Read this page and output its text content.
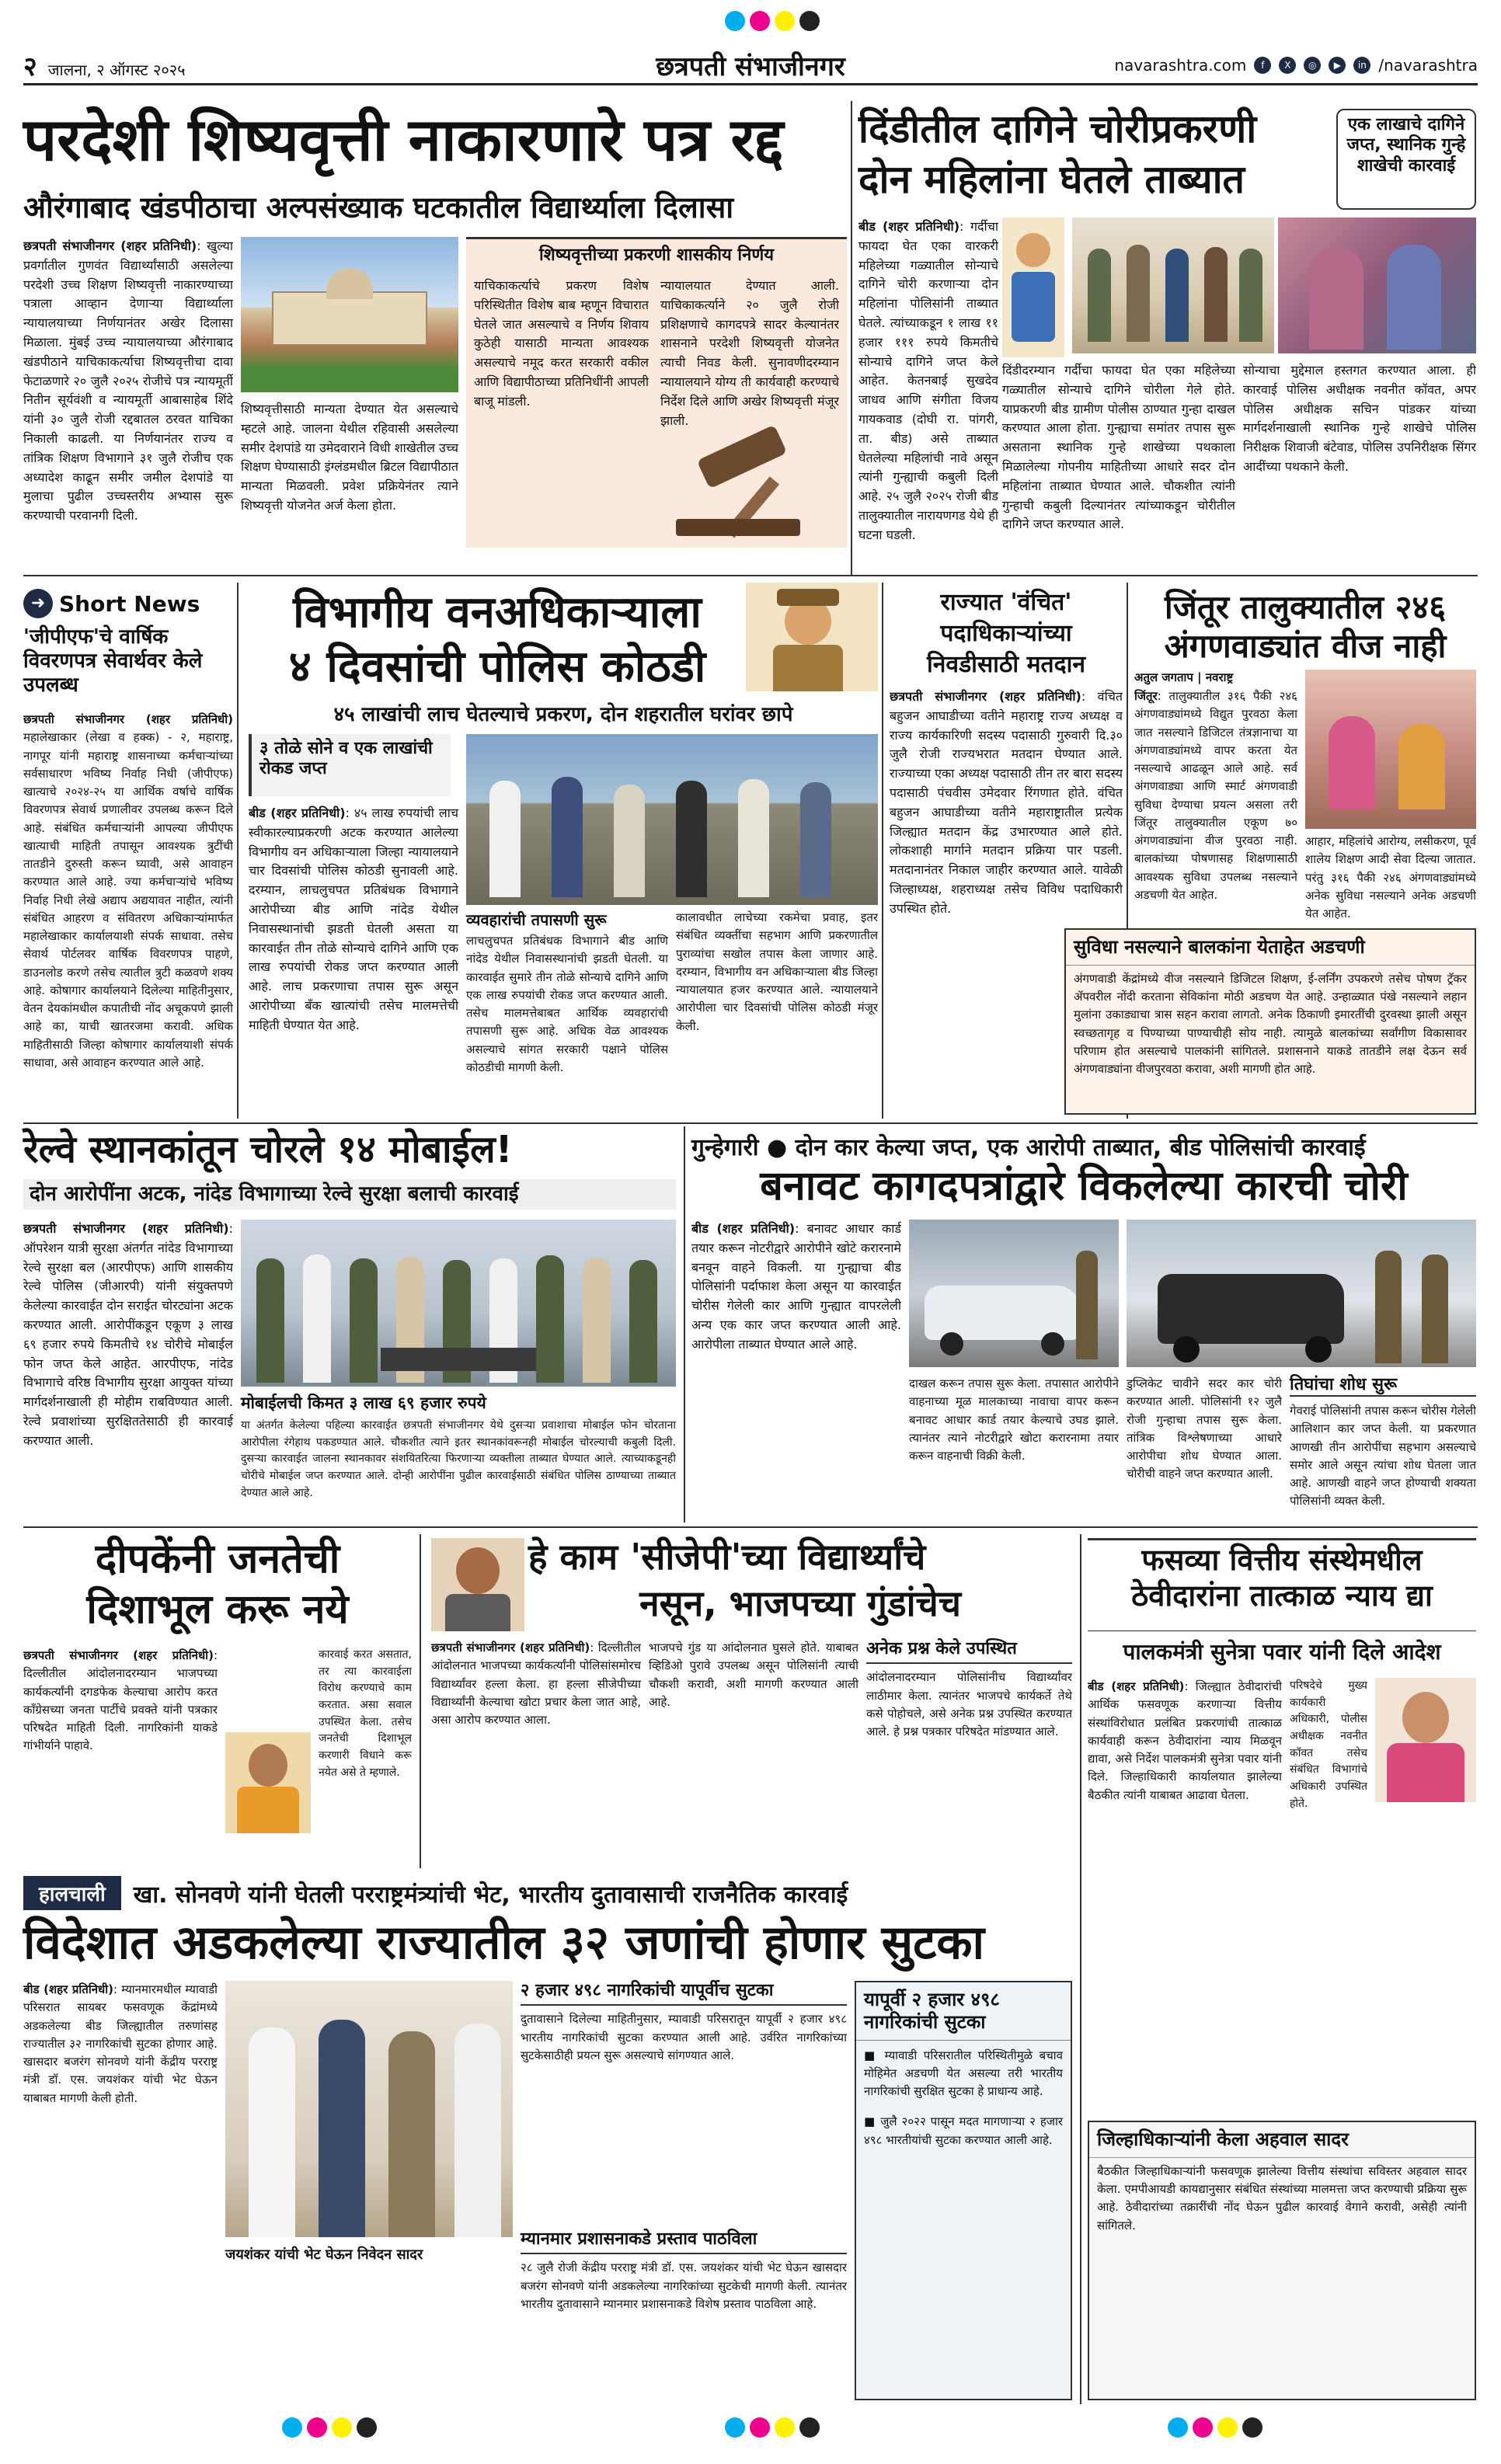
२ जालना, २ ऑगस्ट २०२५	छत्रपती संभाजीनगर	navarashtra.com	f	X	◎	▶	in /navarashtra
परदेशी शिष्यवृत्ती नाकारणारे पत्र रद्द
औरंगाबाद खंडपीठाचा अल्पसंख्याक घटकातील विद्यार्थ्याला दिलासा
छत्रपती संभाजीनगर (शहर प्रतिनिधी): खुल्या प्रवर्गातील गुणवंत विद्यार्थ्यांसाठी असलेल्या परदेशी उच्च शिक्षण शिष्यवृत्ती नाकारण्याच्या पत्राला आव्हान देणाऱ्या विद्यार्थ्याला न्यायालयाच्या निर्णयानंतर अखेर दिलासा मिळाला. मुंबई उच्च न्यायालयाच्या औरंगाबाद खंडपीठाने याचिकाकर्त्याचा शिष्यवृत्तीचा दावा फेटाळणारे २० जुलै २०२५ रोजीचे पत्र न्यायमूर्ती नितीन सूर्यवंशी व न्यायमूर्ती आबासाहेब शिंदे यांनी ३० जुलै रोजी रद्दबातल ठरवत याचिका निकाली काढली. या निर्णयानंतर राज्य व तांत्रिक शिक्षण विभागाने ३१ जुलै रोजीच एक अध्यादेश काढून समीर जमील देशपांडे या मुलाचा पुढील उच्चस्तरीय अभ्यास सुरू करण्याची परवानगी दिली.
शिष्यवृत्तीसाठी मान्यता देण्यात येत असल्याचे म्हटले आहे. जालना येथील रहिवासी असलेल्या समीर देशपांडे या उमेदवाराने विधी शाखेतील उच्च शिक्षण घेण्यासाठी इंग्लंडमधील ब्रिटल विद्यापीठात मान्यता मिळवली. प्रवेश प्रक्रियेनंतर त्याने शिष्यवृत्ती योजनेत अर्ज केला होता.
शिष्यवृत्तीच्या प्रकरणी शासकीय निर्णय
याचिकाकर्त्याचे प्रकरण विशेष परिस्थितीत विशेष बाब म्हणून विचारात घेतले जात असल्याचे व निर्णय शिवाय कुठेही यासाठी मान्यता आवश्यक असल्याचे नमूद करत सरकारी वकील आणि विद्यापीठाच्या प्रतिनिधींनी आपली बाजू मांडली.
न्यायालयात देण्यात आली. याचिकाकर्त्याने २० जुलै रोजी प्रशिक्षणाचे कागदपत्रे सादर केल्यानंतर शासनाने परदेशी शिष्यवृत्ती योजनेत त्याची निवड केली. सुनावणीदरम्यान न्यायालयाने योग्य ती कार्यवाही करण्याचे निर्देश दिले आणि अखेर शिष्यवृत्ती मंजूर झाली.
दिंडीतील दागिने चोरीप्रकरणी
दोन महिलांना घेतले ताब्यात
एक लाखाचे दागिने जप्त, स्थानिक गुन्हे शाखेची कारवाई
बीड (शहर प्रतिनिधी): गर्दीचा फायदा घेत एका वारकरी महिलेच्या गळ्यातील सोन्याचे दागिने चोरी करणाऱ्या दोन महिलांना पोलिसांनी ताब्यात घेतले. त्यांच्याकडून १ लाख ११ हजार १११ रुपये किमतीचे सोन्याचे दागिने जप्त केले आहेत. केतनबाई सुखदेव जाधव आणि संगीता विजय गायकवाड (दोघी रा. पांगरी, ता. बीड) असे ताब्यात घेतलेल्या महिलांची नावे असून त्यांनी गुन्ह्याची कबुली दिली आहे. २५ जुलै २०२५ रोजी बीड तालुक्यातील नारायणगड येथे ही घटना घडली.
दिंडीदरम्यान गर्दीचा फायदा घेत एका महिलेच्या गळ्यातील सोन्याचे दागिने चोरीला गेले होते. याप्रकरणी बीड ग्रामीण पोलीस ठाण्यात गुन्हा दाखल करण्यात आला होता. गुन्ह्याचा समांतर तपास सुरू असताना स्थानिक गुन्हे शाखेच्या पथकाला मिळालेल्या गोपनीय माहितीच्या आधारे सदर दोन महिलांना ताब्यात घेण्यात आले. चौकशीत त्यांनी गुन्हाची कबुली दिल्यानंतर त्यांच्याकडून चोरीतील दागिने जप्त करण्यात आले.
सोन्याचा मुद्देमाल हस्तगत करण्यात आला. ही कारवाई पोलिस अधीक्षक नवनीत कॉवत, अपर पोलिस अधीक्षक सचिन पांडकर यांच्या मार्गदर्शनाखाली स्थानिक गुन्हे शाखेचे पोलिस निरीक्षक शिवाजी बंटेवाड, पोलिस उपनिरीक्षक सिंगर आदींच्या पथकाने केली.
➜ Short News
'जीपीएफ'चे वार्षिक विवरणपत्र सेवार्थवर केले उपलब्ध
छत्रपती संभाजीनगर (शहर प्रतिनिधी) महालेखाकार (लेखा व हक्क) - २, महाराष्ट्र, नागपूर यांनी महाराष्ट्र शासनाच्या कर्मचाऱ्यांच्या सर्वसाधारण भविष्य निर्वाह निधी (जीपीएफ) खात्याचे २०२४-२५ या आर्थिक वर्षाचे वार्षिक विवरणपत्र सेवार्थ प्रणालीवर उपलब्ध करून दिले आहे. संबंधित कर्मचाऱ्यांनी आपल्या जीपीएफ खात्याची माहिती तपासून आवश्यक त्रुटींची तातडीने दुरुस्ती करून घ्यावी, असे आवाहन करण्यात आले आहे. ज्या कर्मचाऱ्यांचे भविष्य निर्वाह निधी लेखे अद्याप अद्ययावत नाहीत, त्यांनी संबंधित आहरण व संवितरण अधिकाऱ्यांमार्फत महालेखाकार कार्यालयाशी संपर्क साधावा. तसेच सेवार्थ पोर्टलवर वार्षिक विवरणपत्र पाहणे, डाउनलोड करणे तसेच त्यातील त्रुटी कळवणे शक्य आहे. कोषागार कार्यालयाने दिलेल्या माहितीनुसार, वेतन देयकांमधील कपातीची नोंद अचूकपणे झाली आहे का, याची खातरजमा करावी. अधिक माहितीसाठी जिल्हा कोषागार कार्यालयाशी संपर्क साधावा, असे आवाहन करण्यात आले आहे.
विभागीय वनअधिकाऱ्याला
४ दिवसांची पोलिस कोठडी
४५ लाखांची लाच घेतल्याचे प्रकरण, दोन शहरातील घरांवर छापे
३ तोळे सोने व एक लाखांची रोकड जप्त
बीड (शहर प्रतिनिधी): ४५ लाख रुपयांची लाच स्वीकारल्याप्रकरणी अटक करण्यात आलेल्या विभागीय वन अधिकाऱ्याला जिल्हा न्यायालयाने चार दिवसांची पोलिस कोठडी सुनावली आहे. दरम्यान, लाचलुचपत प्रतिबंधक विभागाने आरोपीच्या बीड आणि नांदेड येथील निवासस्थानांची झडती घेतली असता या कारवाईत तीन तोळे सोन्याचे दागिने आणि एक लाख रुपयांची रोकड जप्त करण्यात आली आहे. लाच प्रकरणाचा तपास सुरू असून आरोपीच्या बँक खात्यांची तसेच मालमत्तेची माहिती घेण्यात येत आहे.
व्यवहारांची तपासणी सुरू
लाचलुचपत प्रतिबंधक विभागाने बीड आणि नांदेड येथील निवासस्थानांची झडती घेतली. या कारवाईत सुमारे तीन तोळे सोन्याचे दागिने आणि एक लाख रुपयांची रोकड जप्त करण्यात आली. तसेच मालमत्तेबाबत आर्थिक व्यवहारांची तपासणी सुरू आहे. अधिक वेळ आवश्यक असल्याचे सांगत सरकारी पक्षाने पोलिस कोठडीची मागणी केली.
कालावधीत लाचेच्या रकमेचा प्रवाह, इतर संबंधित व्यक्तींचा सहभाग आणि प्रकरणातील पुराव्यांचा सखोल तपास केला जाणार आहे. दरम्यान, विभागीय वन अधिकाऱ्याला बीड जिल्हा न्यायालयात हजर करण्यात आले. न्यायालयाने आरोपीला चार दिवसांची पोलिस कोठडी मंजूर केली.
राज्यात 'वंचित'
पदाधिकाऱ्यांच्या
निवडीसाठी मतदान
छत्रपती संभाजीनगर (शहर प्रतिनिधी): वंचित बहुजन आघाडीच्या वतीने महाराष्ट्र राज्य अध्यक्ष व राज्य कार्यकारिणी सदस्य पदासाठी गुरुवारी दि.३० जुलै रोजी राज्यभरात मतदान घेण्यात आले. राज्याच्या एका अध्यक्ष पदासाठी तीन तर बारा सदस्य पदासाठी पंचवीस उमेदवार रिंगणात होते. वंचित बहुजन आघाडीच्या वतीने महाराष्ट्रातील प्रत्येक जिल्ह्यात मतदान केंद्र उभारण्यात आले होते. लोकशाही मार्गाने मतदान प्रक्रिया पार पडली. मतदानानंतर निकाल जाहीर करण्यात आले. यावेळी जिल्हाध्यक्ष, शहराध्यक्ष तसेच विविध पदाधिकारी उपस्थित होते.
जिंतूर तालुक्यातील २४६
अंगणवाड्यांत वीज नाही
अतुल जगताप | नवराष्ट्र
जिंतूर: तालुक्यातील ३१६ पैकी २४६ अंगणवाड्यांमध्ये विद्युत पुरवठा केला जात नसल्याने डिजिटल तंत्रज्ञानाचा या अंगणवाड्यांमध्ये वापर करता येत नसल्याचे आढळून आले आहे. सर्व अंगणवाड्या आणि स्मार्ट अंगणवाडी सुविधा देण्याचा प्रयत्न असला तरी जिंतूर तालुक्यातील एकूण ७० अंगणवाड्यांना वीज पुरवठा नाही. बालकांच्या पोषणासह शिक्षणासाठी आवश्यक सुविधा उपलब्ध नसल्याने अडचणी येत आहेत.
आहार, महिलांचे आरोग्य, लसीकरण, पूर्व शालेय शिक्षण आदी सेवा दिल्या जातात. परंतु ३१६ पैकी २४६ अंगणवाड्यांमध्ये अनेक सुविधा नसल्याने अनेक अडचणी येत आहेत.
सुविधा नसल्याने बालकांना येताहेत अडचणी
अंगणवाडी केंद्रांमध्ये वीज नसल्याने डिजिटल शिक्षण, ई-लर्निंग उपकरणे तसेच पोषण ट्रॅकर ॲपवरील नोंदी करताना सेविकांना मोठी अडचण येत आहे. उन्हाळ्यात पंखे नसल्याने लहान मुलांना उकाड्याचा त्रास सहन करावा लागतो. अनेक ठिकाणी इमारतींची दुरवस्था झाली असून स्वच्छतागृह व पिण्याच्या पाण्याचीही सोय नाही. त्यामुळे बालकांच्या सर्वांगीण विकासावर परिणाम होत असल्याचे पालकांनी सांगितले. प्रशासनाने याकडे तातडीने लक्ष देऊन सर्व अंगणवाड्यांना वीजपुरवठा करावा, अशी मागणी होत आहे.
रेल्वे स्थानकांतून चोरले १४ मोबाईल!
दोन आरोपींना अटक, नांदेड विभागाच्या रेल्वे सुरक्षा बलाची कारवाई
छत्रपती संभाजीनगर (शहर प्रतिनिधी): ऑपरेशन यात्री सुरक्षा अंतर्गत नांदेड विभागाच्या रेल्वे सुरक्षा बल (आरपीएफ) आणि शासकीय रेल्वे पोलिस (जीआरपी) यांनी संयुक्तपणे केलेल्या कारवाईत दोन सराईत चोरट्यांना अटक करण्यात आली. आरोपींकडून एकूण ३ लाख ६९ हजार रुपये किमतीचे १४ चोरीचे मोबाईल फोन जप्त केले आहेत. आरपीएफ, नांदेड विभागाचे वरिष्ठ विभागीय सुरक्षा आयुक्त यांच्या मार्गदर्शनाखाली ही मोहीम राबविण्यात आली. रेल्वे प्रवाशांच्या सुरक्षिततेसाठी ही कारवाई करण्यात आली.
मोबाईलची किमत ३ लाख ६९ हजार रुपये
या अंतर्गत केलेल्या पहिल्या कारवाईत छत्रपती संभाजीनगर येथे दुसऱ्या प्रवाशाचा मोबाईल फोन चोरताना आरोपीला रंगेहाथ पकडण्यात आले. चौकशीत त्याने इतर स्थानकांवरूनही मोबाईल चोरल्याची कबुली दिली. दुसऱ्या कारवाईत जालना स्थानकावर संशयितरित्या फिरणाऱ्या व्यक्तीला ताब्यात घेण्यात आले. त्याच्याकडूनही चोरीचे मोबाईल जप्त करण्यात आले. दोन्ही आरोपींना पुढील कारवाईसाठी संबंधित पोलिस ठाण्याच्या ताब्यात देण्यात आले आहे.
गुन्हेगारी ● दोन कार केल्या जप्त, एक आरोपी ताब्यात, बीड पोलिसांची कारवाई
बनावट कागदपत्रांद्वारे विकलेल्या कारची चोरी
बीड (शहर प्रतिनिधी): बनावट आधार कार्ड तयार करून नोटरीद्वारे आरोपीने खोटे करारनामे बनवून वाहने विकली. या गुन्ह्याचा बीड पोलिसांनी पर्दाफाश केला असून या कारवाईत चोरीस गेलेली कार आणि गुन्ह्यात वापरलेली अन्य एक कार जप्त करण्यात आली आहे. आरोपीला ताब्यात घेण्यात आले आहे.
दाखल करून तपास सुरू केला. तपासात आरोपीने वाहनाच्या मूळ मालकाच्या नावाचा वापर करून बनावट आधार कार्ड तयार केल्याचे उघड झाले. त्यानंतर त्याने नोटरीद्वारे खोटा करारनामा तयार करून वाहनाची विक्री केली.
डुप्लिकेट चावीने सदर कार चोरी करण्यात आली. पोलिसांनी १२ जुलै रोजी गुन्हाचा तपास सुरू केला. तांत्रिक विश्लेषणाच्या आधारे आरोपीचा शोध घेण्यात आला. चोरीची वाहने जप्त करण्यात आली.
तिघांचा शोध सुरू
गेवराई पोलिसांनी तपास करून चोरीस गेलेली आलिशान कार जप्त केली. या प्रकरणात आणखी तीन आरोपींचा सहभाग असल्याचे समोर आले असून त्यांचा शोध घेतला जात आहे. आणखी वाहने जप्त होण्याची शक्यता पोलिसांनी व्यक्त केली.
दीपकेंनी जनतेची
दिशाभूल करू नये
छत्रपती संभाजीनगर (शहर प्रतिनिधी): दिल्लीतील आंदोलनादरम्यान भाजपच्या कार्यकर्त्यांनी दगडफेक केल्याचा आरोप करत काँग्रेसच्या जनता पार्टीचे प्रवक्ते यांनी पत्रकार परिषदेत माहिती दिली. नागरिकांनी याकडे गांभीर्याने पाहावे.
कारवाई करत असतात, तर त्या कारवाईला विरोध करण्याचे काम करतात. असा सवाल उपस्थित केला. तसेच जनतेची दिशाभूल करणारी विधाने करू नयेत असे ते म्हणाले.
हे काम 'सीजेपी'च्या विद्यार्थ्यांचे
नसून, भाजपच्या गुंडांचेच
छत्रपती संभाजीनगर (शहर प्रतिनिधी): दिल्लीतील आंदोलनात भाजपच्या कार्यकर्त्यांनी पोलिसांसमोरच विद्यार्थ्यांवर हल्ला केला. हा हल्ला सीजेपीच्या विद्यार्थ्यांनी केल्याचा खोटा प्रचार केला जात आहे, असा आरोप करण्यात आला.
भाजपचे गुंड या आंदोलनात घुसले होते. याबाबत व्हिडिओ पुरावे उपलब्ध असून पोलिसांनी त्याची चौकशी करावी, अशी मागणी करण्यात आली आहे.
अनेक प्रश्न केले उपस्थित
आंदोलनादरम्यान पोलिसांनीच विद्यार्थ्यांवर लाठीमार केला. त्यानंतर भाजपचे कार्यकर्ते तेथे कसे पोहोचले, असे अनेक प्रश्न उपस्थित करण्यात आले. हे प्रश्न पत्रकार परिषदेत मांडण्यात आले.
फसव्या वित्तीय संस्थेमधील
ठेवीदारांना तात्काळ न्याय द्या
पालकमंत्री सुनेत्रा पवार यांनी दिले आदेश
बीड (शहर प्रतिनिधी): जिल्ह्यात ठेवीदारांची आर्थिक फसवणूक करणाऱ्या वित्तीय संस्थांविरोधात प्रलंबित प्रकरणांची तात्काळ कार्यवाही करून ठेवीदारांना न्याय मिळवून द्यावा, असे निर्देश पालकमंत्री सुनेत्रा पवार यांनी दिले. जिल्हाधिकारी कार्यालयात झालेल्या बैठकीत त्यांनी याबाबत आढावा घेतला.
परिषदेचे मुख्य कार्यकारी अधिकारी, पोलीस अधीक्षक नवनीत कॉवत तसेच संबंधित विभागांचे अधिकारी उपस्थित होते.
जिल्हाधिकाऱ्यांनी केला अहवाल सादर
बैठकीत जिल्हाधिकाऱ्यांनी फसवणूक झालेल्या वित्तीय संस्थांचा सविस्तर अहवाल सादर केला. एमपीआयडी कायद्यानुसार संबंधित संस्थांच्या मालमत्ता जप्त करण्याची प्रक्रिया सुरू आहे. ठेवीदारांच्या तक्रारींची नोंद घेऊन पुढील कारवाई वेगाने करावी, असेही त्यांनी सांगितले.
हालचाली	खा. सोनवणे यांनी घेतली परराष्ट्रमंत्र्यांची भेट, भारतीय दुतावासाची राजनैतिक कारवाई
विदेशात अडकलेल्या राज्यातील ३२ जणांची होणार सुटका
बीड (शहर प्रतिनिधी): म्यानमारमधील म्यावाडी परिसरात सायबर फसवणूक केंद्रांमध्ये अडकलेल्या बीड जिल्ह्यातील तरुणांसह राज्यातील ३२ नागरिकांची सुटका होणार आहे. खासदार बजरंग सोनवणे यांनी केंद्रीय परराष्ट्र मंत्री डॉ. एस. जयशंकर यांची भेट घेऊन याबाबत मागणी केली होती.
जयशंकर यांची भेट घेऊन निवेदन सादर
२ हजार ४९८ नागरिकांची यापूर्वीच सुटका
दुतावासाने दिलेल्या माहितीनुसार, म्यावाडी परिसरातून यापूर्वी २ हजार ४९८ भारतीय नागरिकांची सुटका करण्यात आली आहे. उर्वरित नागरिकांच्या सुटकेसाठीही प्रयत्न सुरू असल्याचे सांगण्यात आले.
म्यानमार प्रशासनाकडे प्रस्ताव पाठविला
२८ जुलै रोजी केंद्रीय परराष्ट्र मंत्री डॉ. एस. जयशंकर यांची भेट घेऊन खासदार बजरंग सोनवणे यांनी अडकलेल्या नागरिकांच्या सुटकेची मागणी केली. त्यानंतर भारतीय दुतावासाने म्यानमार प्रशासनाकडे विशेष प्रस्ताव पाठविला आहे.
यापूर्वी २ हजार ४९८ नागरिकांची सुटका
■ म्यावाडी परिसरातील परिस्थितीमुळे बचाव मोहिमेत अडचणी येत असल्या तरी भारतीय नागरिकांची सुरक्षित सुटका हे प्राधान्य आहे.
■ जुलै २०२२ पासून मदत मागणाऱ्या २ हजार ४९८ भारतीयांची सुटका करण्यात आली आहे.
